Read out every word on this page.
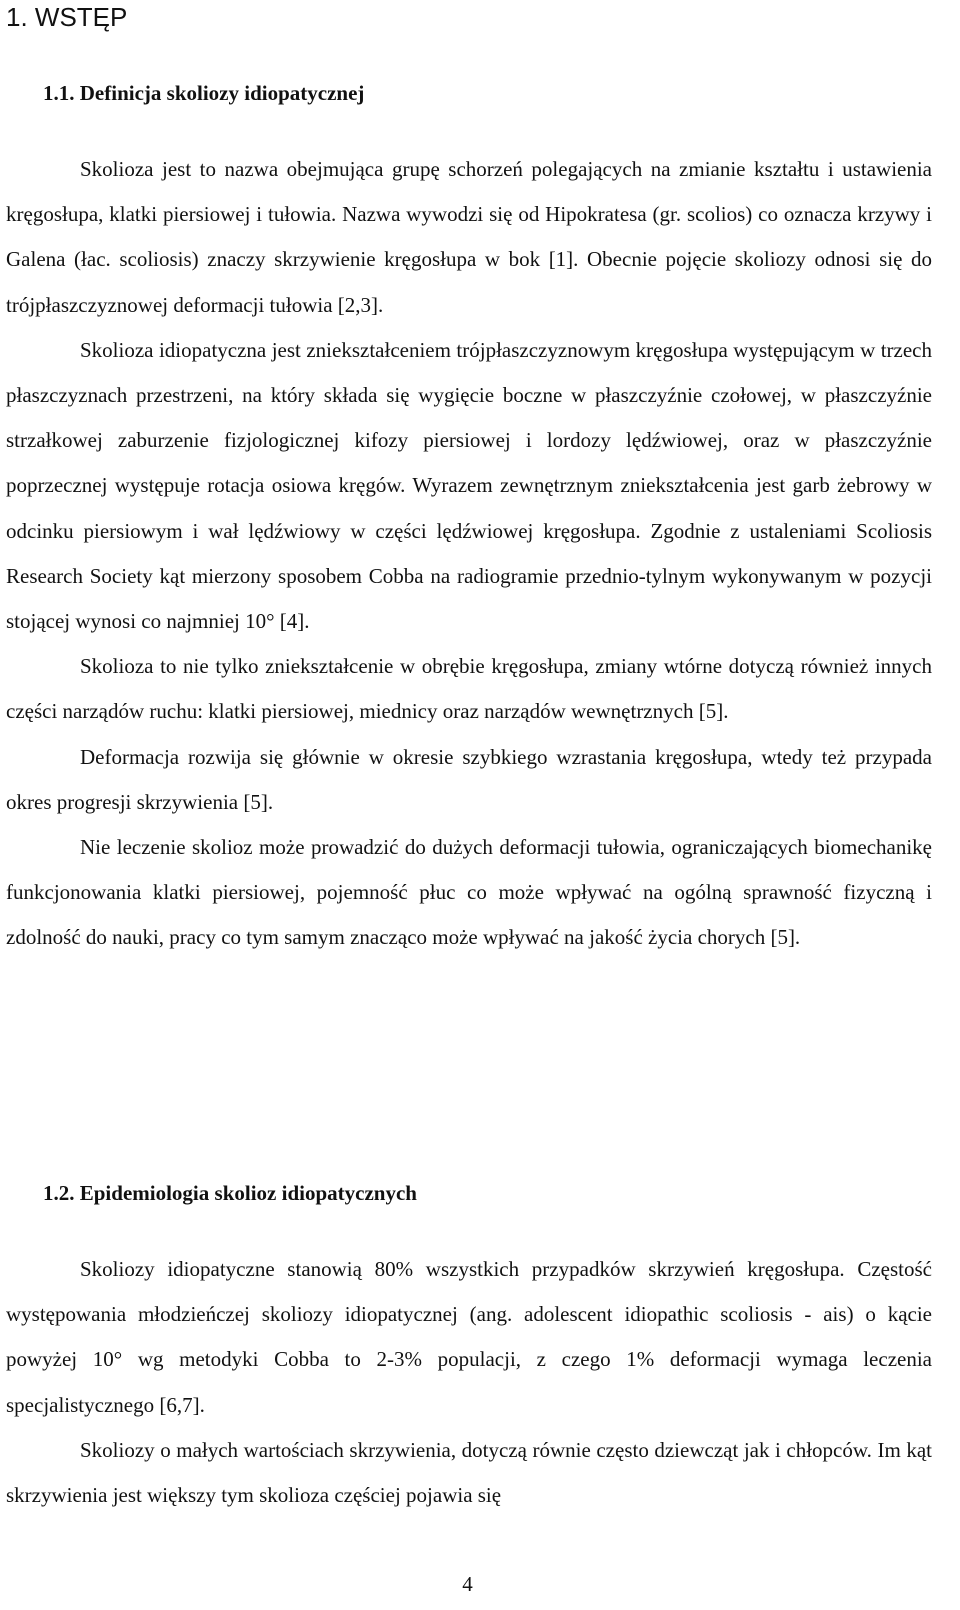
1. WSTĘP
1.1. Definicja skoliozy idiopatycznej

Skolioza jest to nazwa obejmująca grupę schorzeń polegających na zmianie kształtu i ustawienia kręgosłupa, klatki piersiowej i tułowia. Nazwa wywodzi się od Hipokratesa (gr. scolios) co oznacza krzywy i Galena (łac. scoliosis) znaczy skrzywienie kręgosłupa w bok [1]. Obecnie pojęcie skoliozy odnosi się do trójpłaszczyznowej deformacji tułowia [2,3].

Skolioza idiopatyczna jest zniekształceniem trójpłaszczyznowym kręgosłupa występującym w trzech płaszczyznach przestrzeni, na który składa się wygięcie boczne w płaszczyźnie czołowej, w płaszczyźnie strzałkowej zaburzenie fizjologicznej kifozy piersiowej i lordozy lędźwiowej, oraz w płaszczyźnie poprzecznej występuje rotacja osiowa kręgów. Wyrazem zewnętrznym zniekształcenia jest garb żebrowy w odcinku piersiowym i wał lędźwiowy w części lędźwiowej kręgosłupa. Zgodnie z ustaleniami Scoliosis Research Society kąt mierzony sposobem Cobba na radiogramie przednio-tylnym wykonywanym w pozycji stojącej wynosi co najmniej 10° [4].

Skolioza to nie tylko zniekształcenie w obrębie kręgosłupa, zmiany wtórne dotyczą również innych części narządów ruchu: klatki piersiowej, miednicy oraz narządów wewnętrznych [5].

Deformacja rozwija się głównie w okresie szybkiego wzrastania kręgosłupa, wtedy też przypada okres progresji skrzywienia [5].

Nie leczenie skolioz może prowadzić do dużych deformacji tułowia, ograniczających biomechanikę funkcjonowania klatki piersiowej, pojemność płuc co może wpływać na ogólną sprawność fizyczną i zdolność do nauki, pracy co tym samym znacząco może wpływać na jakość życia chorych [5].

1.2. Epidemiologia skolioz idiopatycznych

Skoliozy idiopatyczne stanowią 80% wszystkich przypadków skrzywień kręgosłupa. Częstość występowania młodzieńczej skoliozy idiopatycznej (ang. adolescent idiopathic scoliosis - ais) o kącie powyżej 10° wg metodyki Cobba to 2-3% populacji, z czego 1% deformacji wymaga leczenia specjalistycznego [6,7].

Skoliozy o małych wartościach skrzywienia, dotyczą równie często dziewcząt jak i chłopców. Im kąt skrzywienia jest większy tym skolioza częściej pojawia się

4
